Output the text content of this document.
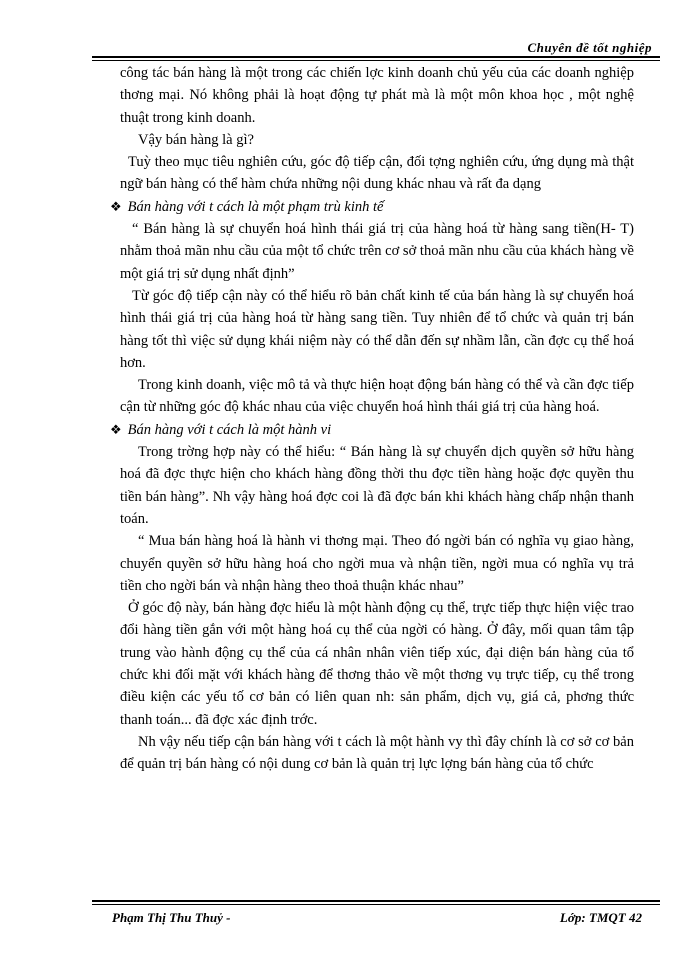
Chuyên đề tốt nghiệp

công tác bán hàng là một trong các chiến lợc kinh doanh chủ yếu của các doanh nghiệp thơng mại. Nó không phải là hoạt động tự phát mà là một môn khoa học , một nghệ thuật trong kinh doanh.

Vậy bán hàng là gì?

Tuỳ theo mục tiêu nghiên cứu, góc độ tiếp cận, đối tợng nghiên cứu, ứng dụng mà thật ngữ bán hàng có thể hàm chứa những nội dung khác nhau và rất đa dạng

❖ Bán hàng với t cách là một phạm trù kinh tế

“ Bán hàng là sự chuyển hoá hình thái giá trị của hàng hoá từ hàng sang tiền(H- T) nhằm thoả mãn nhu cầu của một tổ chức trên cơ sở thoả mãn nhu cầu của khách hàng về một giá trị sử dụng nhất định”

Từ góc độ tiếp cận này có thể hiểu rõ bản chất kinh tế của bán hàng là sự chuyển hoá hình thái giá trị của hàng hoá từ hàng sang tiền. Tuy nhiên để tổ chức và quản trị bán hàng tốt thì việc sử dụng khái niệm này có thể dẫn đến sự nhầm lẫn, cần đợc cụ thể hoá hơn.

Trong kinh doanh, việc mô tả và thực hiện hoạt động bán hàng có thể và cần đợc tiếp cận từ những góc độ khác nhau của việc chuyển hoá hình thái giá trị của hàng hoá.

❖ Bán hàng với t cách là một hành vi

Trong trờng hợp này có thể hiểu: “ Bán hàng là sự chuyển dịch quyền sở hữu hàng hoá đã đợc thực hiện cho khách hàng đồng thời thu đợc tiền hàng hoặc đợc quyền thu tiền bán hàng”. Nh vậy hàng hoá đợc coi là đã đợc bán khi khách hàng chấp nhận thanh toán.

“ Mua bán hàng hoá là hành vi thơng mại. Theo đó ngời bán có nghĩa vụ giao hàng, chuyển quyền sở hữu hàng hoá cho ngời mua và nhận tiền, ngời mua có nghĩa vụ trả tiền cho ngời bán và nhận hàng theo thoả thuận khác nhau”

Ở góc độ này, bán hàng đợc hiểu là một hành động cụ thể, trực tiếp thực hiện việc trao đổi hàng tiền gắn với một hàng hoá cụ thể của ngời có hàng. Ở đây, mối quan tâm tập trung vào hành động cụ thể của cá nhân nhân viên tiếp xúc, đại diện bán hàng của tổ chức khi đối mặt với khách hàng để thơng thảo về một thơng vụ trực tiếp, cụ thể trong điều kiện các yếu tố cơ bản có liên quan nh: sản phẩm, dịch vụ, giá cả, phơng thức thanh toán... đã đợc xác định trớc.

Nh vậy nếu tiếp cận bán hàng với t cách là một hành vy thì đây chính là cơ sở cơ bản để quản trị bán hàng có nội dung cơ bản là quản trị lực lợng bán hàng của tổ chức

Phạm Thị Thu Thuỷ -	Lớp: TMQT 42
